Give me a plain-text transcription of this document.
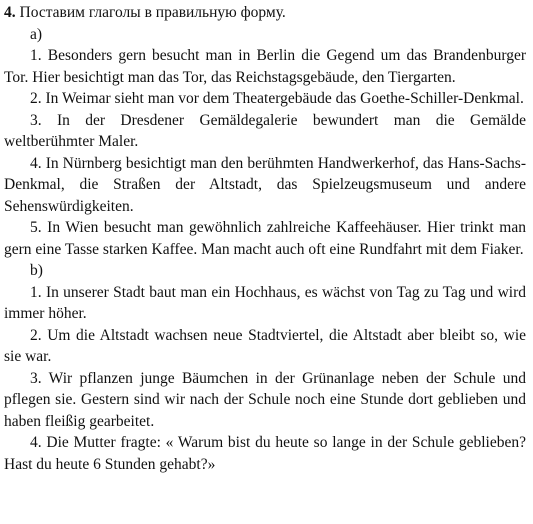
4. Поставим глаголы в правильную форму.

a)

1. Besonders gern besucht man in Berlin die Gegend um das Brandenburger Tor. Hier besichtigt man das Tor, das Reichstagsgebäude, den Tiergarten.

2. In Weimar sieht man vor dem Theatergebäude das Goethe-Schiller-Denkmal.

3. In der Dresdener Gemäldegalerie bewundert man die Gemälde weltberühmter Maler.

4. In Nürnberg besichtigt man den berühmten Handwerkerhof, das Hans-Sachs-Denkmal, die Straßen der Altstadt, das Spielzeugsmuseum und andere Sehenswürdigkeiten.

5. In Wien besucht man gewöhnlich zahlreiche Kaffeehäuser. Hier trinkt man gern eine Tasse starken Kaffee. Man macht auch oft eine Rundfahrt mit dem Fiaker.

b)

1. In unserer Stadt baut man ein Hochhaus, es wächst von Tag zu Tag und wird immer höher.

2. Um die Altstadt wachsen neue Stadtviertel, die Altstadt aber bleibt so, wie sie war.

3. Wir pflanzen junge Bäumchen in der Grünanlage neben der Schule und pflegen sie. Gestern sind wir nach der Schule noch eine Stunde dort geblieben und haben fleißig gearbeitet.

4. Die Mutter fragte: « Warum bist du heute so lange in der Schule geblieben? Hast du heute 6 Stunden gehabt?»
